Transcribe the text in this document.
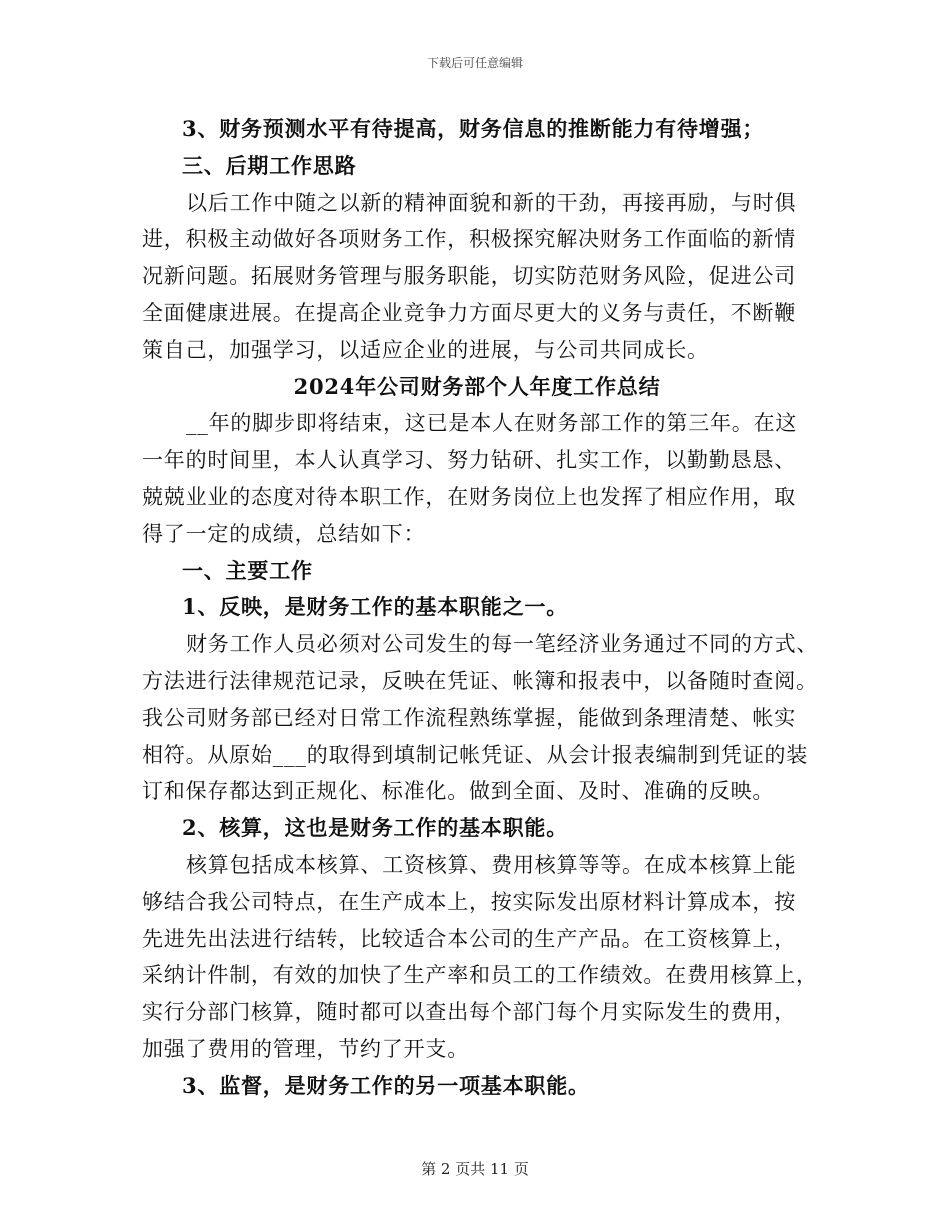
下载后可任意编辑
3、财务预测水平有待提高，财务信息的推断能力有待增强；
三、后期工作思路
以后工作中随之以新的精神面貌和新的干劲，再接再励，与时俱
进，积极主动做好各项财务工作，积极探究解决财务工作面临的新情
况新问题。拓展财务管理与服务职能，切实防范财务风险，促进公司
全面健康进展。在提高企业竞争力方面尽更大的义务与责任，不断鞭
策自己，加强学习，以适应企业的进展，与公司共同成长。
2024年公司财务部个人年度工作总结
__年的脚步即将结束，这已是本人在财务部工作的第三年。在这
一年的时间里，本人认真学习、努力钻研、扎实工作，以勤勤恳恳、
兢兢业业的态度对待本职工作，在财务岗位上也发挥了相应作用，取
得了一定的成绩，总结如下：
一、主要工作
1、反映，是财务工作的基本职能之一。
财务工作人员必须对公司发生的每一笔经济业务通过不同的方式、
方法进行法律规范记录，反映在凭证、帐簿和报表中，以备随时查阅。
我公司财务部已经对日常工作流程熟练掌握，能做到条理清楚、帐实
相符。从原始___的取得到填制记帐凭证、从会计报表编制到凭证的装
订和保存都达到正规化、标准化。做到全面、及时、准确的反映。
2、核算，这也是财务工作的基本职能。
核算包括成本核算、工资核算、费用核算等等。在成本核算上能
够结合我公司特点，在生产成本上，按实际发出原材料计算成本，按
先进先出法进行结转，比较适合本公司的生产产品。在工资核算上，
采纳计件制，有效的加快了生产率和员工的工作绩效。在费用核算上，
实行分部门核算，随时都可以查出每个部门每个月实际发生的费用，
加强了费用的管理，节约了开支。
3、监督，是财务工作的另一项基本职能。
第 2 页共 11 页
